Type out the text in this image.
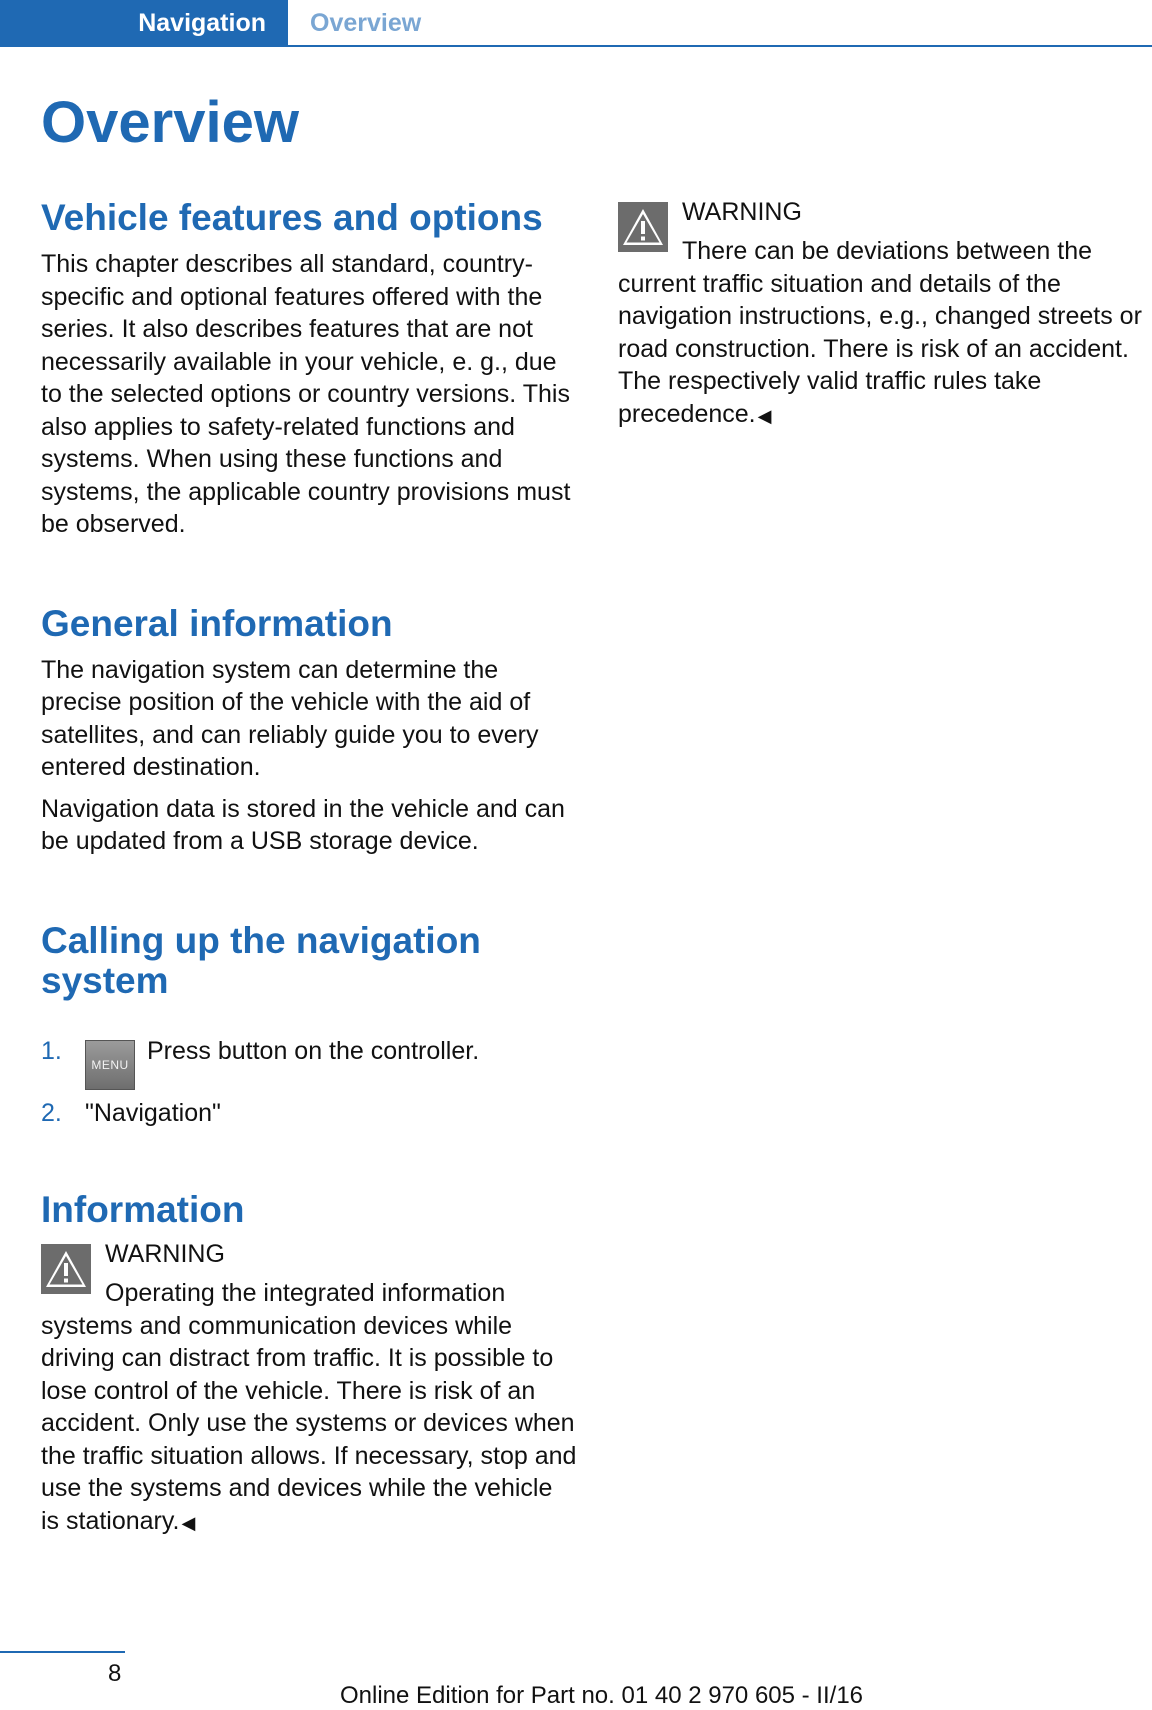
Navigation	Overview
Overview
Vehicle features and options

This chapter describes all standard, country-specific and optional features offered with the series. It also describes features that are not necessarily available in your vehicle, e. g., due to the selected options or country versions. This also applies to safety-related functions and systems. When using these functions and systems, the applicable country provisions must be observed.

General information

The navigation system can determine the precise position of the vehicle with the aid of satellites, and can reliably guide you to every entered destination.

Navigation data is stored in the vehicle and can be updated from a USB storage device.

Calling up the navigation system
1. MENU Press button on the controller.
2. "Navigation"
Information
WARNING
Operating the integrated information systems and communication devices while driving can distract from traffic. It is possible to lose control of the vehicle. There is risk of an accident. Only use the systems or devices when the traffic situation allows. If necessary, stop and use the systems and devices while the vehicle is stationary. ◀
WARNING
There can be deviations between the current traffic situation and details of the navigation instructions, e.g., changed streets or road construction. There is risk of an accident. The respectively valid traffic rules take precedence. ◀
8
Online Edition for Part no. 01 40 2 970 605 - II/16
